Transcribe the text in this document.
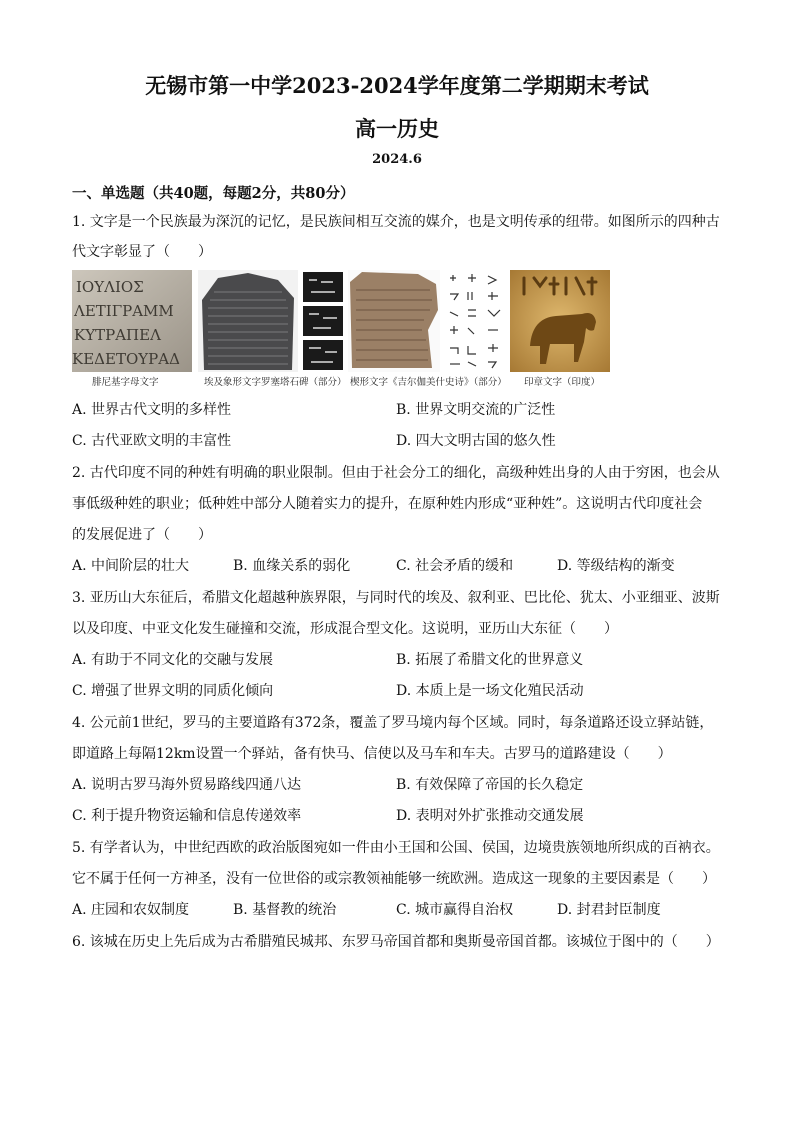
无锡市第一中学2023-2024学年度第二学期期末考试
高一历史
2024.6
一、单选题（共40题，每题2分，共80分）
1. 文字是一个民族最为深沉的记忆，是民族间相互交流的媒介，也是文明传承的纽带。如图所示的四种古
代文字彰显了（　　）
ΙΟΥΛΙΟΣ
ΛΕΤΙΓΡΑΜΜ
ΚΥΤΡΑΠΕΛ
ΚΕΔΕΤΟΥΡΑΔ
腓尼基字母文字	埃及象形文字罗塞塔石碑（部分） 楔形文字《吉尔伽美什史诗》（部分） 印章文字（印度）
A. 世界古代文明的多样性	B. 世界文明交流的广泛性
C. 古代亚欧文明的丰富性	D. 四大文明古国的悠久性
2. 古代印度不同的种姓有明确的职业限制。但由于社会分工的细化，高级种姓出身的人由于穷困，也会从
事低级种姓的职业；低种姓中部分人随着实力的提升，在原种姓内形成“亚种姓”。这说明古代印度社会
的发展促进了（　　）
A. 中间阶层的壮大	B. 血缘关系的弱化	C. 社会矛盾的缓和	D. 等级结构的渐变
3. 亚历山大东征后，希腊文化超越种族界限，与同时代的埃及、叙利亚、巴比伦、犹太、小亚细亚、波斯
以及印度、中亚文化发生碰撞和交流，形成混合型文化。这说明，亚历山大东征（　　）
A. 有助于不同文化的交融与发展	B. 拓展了希腊文化的世界意义
C. 增强了世界文明的同质化倾向	D. 本质上是一场文化殖民活动
4. 公元前1世纪，罗马的主要道路有372条，覆盖了罗马境内每个区域。同时，每条道路还设立驿站链，
即道路上每隔12km设置一个驿站，备有快马、信使以及马车和车夫。古罗马的道路建设（　　）
A. 说明古罗马海外贸易路线四通八达	B. 有效保障了帝国的长久稳定
C. 利于提升物资运输和信息传递效率	D. 表明对外扩张推动交通发展
5. 有学者认为，中世纪西欧的政治版图宛如一件由小王国和公国、侯国，边境贵族领地所织成的百衲衣。
它不属于任何一方神圣，没有一位世俗的或宗教领袖能够一统欧洲。造成这一现象的主要因素是（　　）
A. 庄园和农奴制度	B. 基督教的统治	C. 城市赢得自治权	D. 封君封臣制度
6. 该城在历史上先后成为古希腊殖民城邦、东罗马帝国首都和奥斯曼帝国首都。该城位于图中的（　　）
